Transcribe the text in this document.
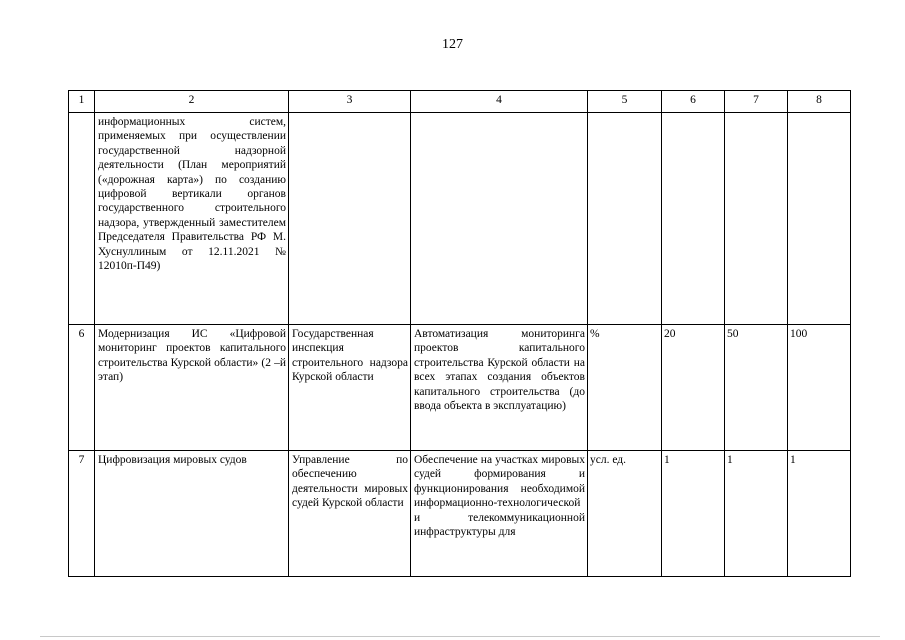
127
1	2	3	4	5	6	7	8
	информационных систем, применяемых при осуществлении государственной надзорной деятельности (План мероприятий («дорожная карта») по созданию цифровой вертикали органов государственного строительного надзора, утвержденный заместителем Председателя Правительства РФ М. Хуснуллиным от 12.11.2021 № 12010п-П49)						
6	Модернизация ИС «Цифровой мониторинг проектов капитального строительства Курской области» (2 –й этап)	Государственная инспекция строительного надзора Курской области	Автоматизация мониторинга проектов капитального строительства Курской области на всех этапах создания объектов капитального строительства (до ввода объекта в эксплуатацию)	%	20	50	100
7	Цифровизация мировых судов	Управление по обеспечению деятельности мировых судей Курской области	Обеспечение на участках мировых судей формирования и функционирования необходимой информационно-технологической и телекоммуникационной инфраструктуры для	усл. ед.	1	1	1
